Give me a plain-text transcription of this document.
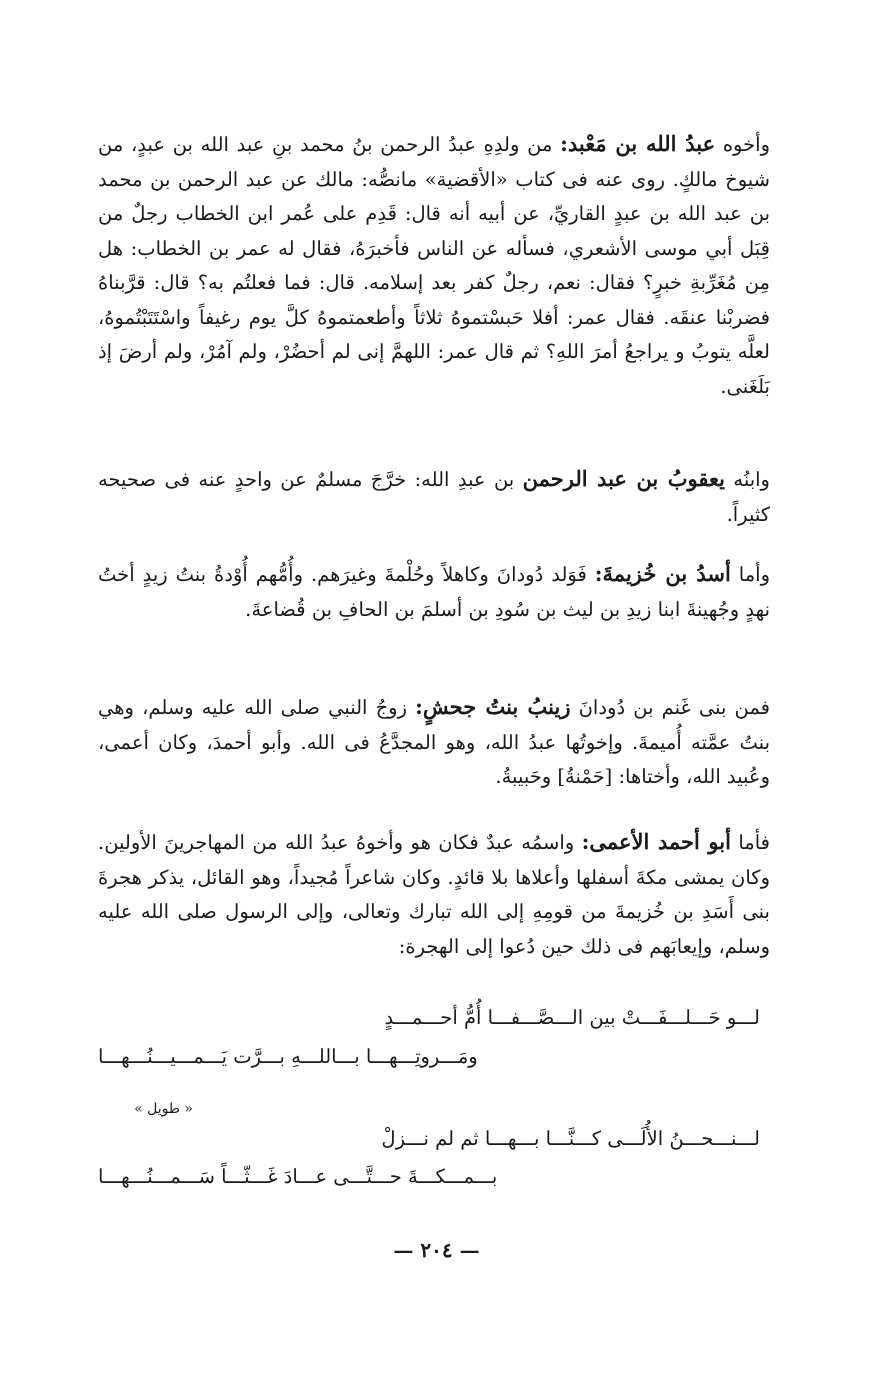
وأخوه عبدُ الله بن مَعْبد: من ولدِهِ عبدُ الرحمن بنُ محمد بنِ عبد الله بن عبدٍ، من شيوخ مالكٍ. روى عنه فى كتاب «الأقضية» مانصُّه: مالك عن عبد الرحمن بن محمد بن عبد الله بن عبدٍ القاريِّ، عن أبيه أنه قال: قَدِم على عُمر ابن الخطاب رجلٌ من قِبَل أبي موسى الأشعري، فسأله عن الناس فأخبرَهُ، فقال له عمر بن الخطاب: هل مِن مُغَرِّبةِ خبرٍ؟ فقال: نعم، رجلٌ كفر بعد إسلامه. قال: فما فعلتُم به؟ قال: قرَّبناهُ فضربْنا عنقَه. فقال عمر: أفلا حَبسْتموهُ ثلاثاً وأطعمتموهُ كلَّ يوم رغيفاً واسْتَتَبْتُموهُ، لعلَّه يتوبُ و يراجعُ أمرَ اللهِ؟ ثم قال عمر: اللهمَّ إنى لم أحضُرْ، ولم آمُرْ، ولم أرضَ إذ بَلَغَنى.

وابنُه يعقوبُ بن عبد الرحمن بن عبدِ الله: خرَّجَ مسلمٌ عن واحدٍ عنه فى صحيحه كثيراً.

وأما أسدُ بن خُزيمةَ: فَوَلد دُودانَ وكاهلاً وحُلْمةَ وغيرَهم. وأُمُّهم أُوْدةُ بنتُ زيدٍ أختُ نهدٍ وجُهينةَ ابنا زيدِ بن ليث بن سُودِ بن أسلمَ بن الحافِ بن قُضاعةَ.

فمن بنى غَنم بن دُودانَ زينبُ بنتُ جحشٍ: زوجُ النبي صلى الله عليه وسلم، وهي بنتُ عمَّته أُميمةَ. وإخوتُها عبدُ الله، وهو المجدَّعُ فى الله. وأبو أحمدَ، وكان أعمى، وعُبيد الله، وأختاها: [حَمْنةُ] وحَبيبةُ.

فأما أبو أحمد الأعمى: واسمُه عبدٌ فكان هو وأخوهُ عبدُ الله من المهاجرينَ الأولين. وكان يمشى مكةَ أسفلها وأعلاها بلا قائدٍ. وكان شاعراً مُجيداً، وهو القائل، يذكر هجرةَ بنى أَسَدِ بن خُزيمةَ من قومِهِ إلى الله تبارك وتعالى، وإلى الرسول صلى الله عليه وسلم، وإيعابَهم فى ذلك حين دُعوا إلى الهجرة:

لـــو حَـــلـــفَـــتْ بين الـــصَّـــفـــا أُمُّ أحـــمـــدٍ
ومَـــروتِـــهـــا بـــاللـــهِ بـــرَّت يَـــمـــيـــنُـــهـــا
« طويل »
لـــنـــحـــنُ الأُلَـــى كـــنَّـــا بـــهـــا ثم لم نـــزلْ
بـــمـــكـــةَ حـــتَّـــى عـــادَ غَـــثّـــاً سَـــمـــنُـــهـــا
— ٢٠٤ —
